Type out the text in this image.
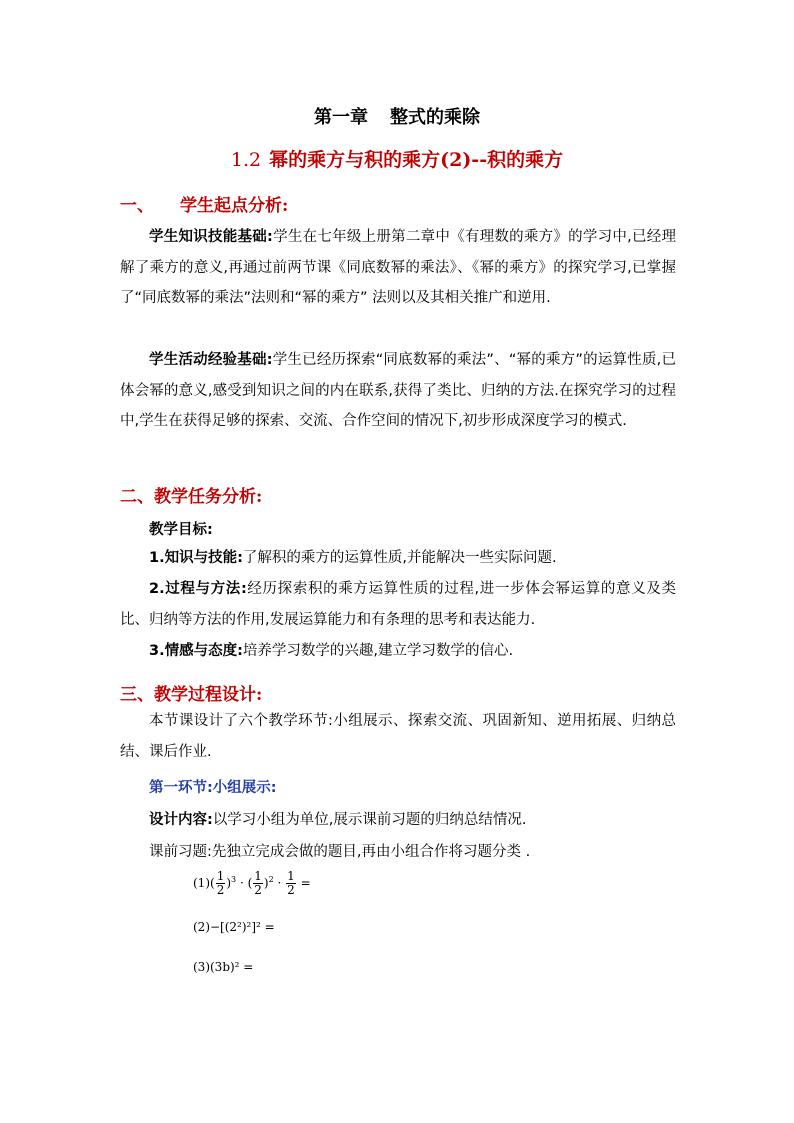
第一章 整式的乘除
1.2 幂的乘方与积的乘方(2)--积的乘方
一、 学生起点分析:
学生知识技能基础:学生在七年级上册第二章中《有理数的乘方》的学习中,已经理解了乘方的意义,再通过前两节课《同底数幂的乘法》、《幂的乘方》的探究学习,已掌握了“同底数幂的乘法”法则和“幂的乘方” 法则以及其相关推广和逆用.
学生活动经验基础:学生已经历探索“同底数幂的乘法”、“幂的乘方”的运算性质,已体会幂的意义,感受到知识之间的内在联系,获得了类比、归纳的方法.在探究学习的过程中,学生在获得足够的探索、交流、合作空间的情况下,初步形成深度学习的模式.
二、教学任务分析:
教学目标:
1.知识与技能:了解积的乘方的运算性质,并能解决一些实际问题.
2.过程与方法:经历探索积的乘方运算性质的过程,进一步体会幂运算的意义及类比、归纳等方法的作用,发展运算能力和有条理的思考和表达能力.
3.情感与态度:培养学习数学的兴趣,建立学习数学的信心.
三、教学过程设计:
本节课设计了六个教学环节:小组展示、探索交流、巩固新知、逆用拓展、归纳总结、课后作业.
第一环节:小组展示:
设计内容:以学习小组为单位,展示课前习题的归纳总结情况.
课前习题:先独立完成会做的题目,再由小组合作将习题分类 .
$(1)( \frac{1}{2} )^3$ · ( $\frac{1}{2} )^2 \cdot \frac{1}{2}$ =
(2)−[(2²)²]² =
(3)(3b)² =
